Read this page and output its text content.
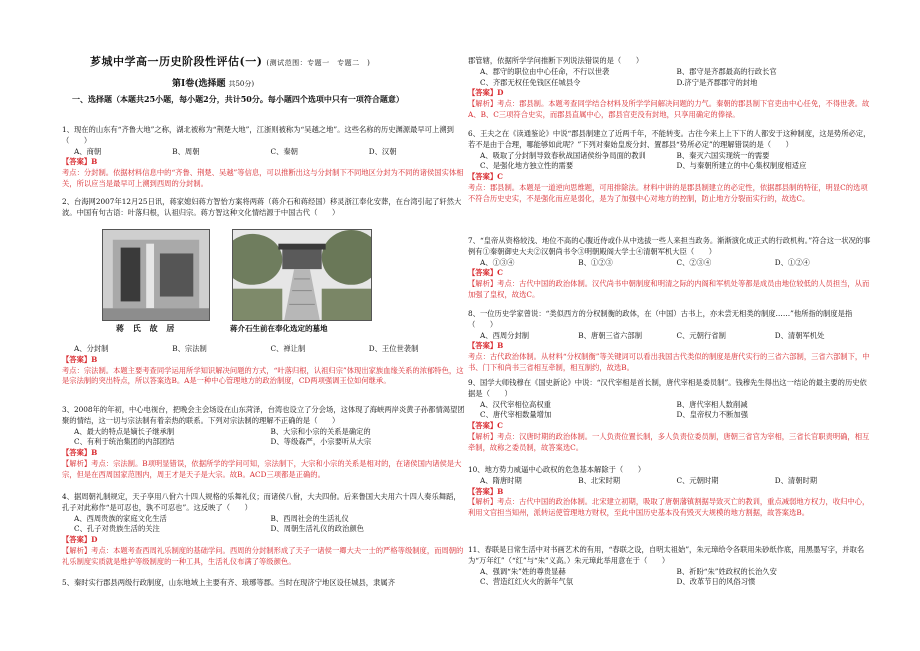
芗城中学高一历史阶段性评估(一) (测试范围：专题一　专题二　)
第Ⅰ卷(选择题 共50分)
一、选择题（本题共25小题，每小题2分，共计50分。每小题四个选项中只有一项符合题意）
1、现在的山东有“齐鲁大地”之称，湖北被称为“荆楚大地”，江浙则被称为“吴越之地”。这些名称的历史渊源最早可上溯到（　　）
A、商朝	B、周朝	C、秦朝	D、汉朝
【答案】B
考点：分封制。依据材料信息中的“齐鲁、荆楚、吴越”等信息，可以推断出这与分封制下不同地区分封为不同的诸侯国实体相关，所以应当是最早可上溯到西周的分封制。
2、台海网2007年12月25日讯，蒋家媳妇蒋方智怡方案将两蒋（蒋介石和蒋经国）移灵浙江奉化安葬，在台湾引起了轩然大波。中国有句古语：叶落归根，认祖归宗。蒋方智这种文化情结源于中国古代（　　）
蒋 氏 故 居	蒋介石生前在奉化选定的墓地
A、分封制	B、宗法制	C、禅让制	D、王位世袭制
【答案】B
考点：宗法制。本题主要考查同学运用所学知识解决问题的方式，“叶落归根，认祖归宗”体现出家族血缘关系的浓郁特色，这是宗法制的突出特点，所以答案选B。A是一种中心管理地方的政治制度，CD两项强调王位如何继承。
3、2008年的年初，中心电视台，把晚会主会场设在山东菏泽，台湾也设立了分会场，这体现了海峡两岸炎黄子孙都情渴望团聚的情结，这一切与宗法制有着亲热的联系。下列对宗法制的理解不正确的是（　　）
A、最大的特点是嫡长子继承制	B、大宗和小宗的关系是确定的
C、有利于统治集团的内部团结	D、等级森严，小宗要听从大宗
【答案】B
【解析】考点：宗法制。B项明显错误，依据所学的学问可知，宗法制下，大宗和小宗的关系是相对的，在诸侯国内诸侯是大宗，但是在西周国家范围内，周王才是天子是大宗。故B。ACD三项都是正确的。
4、据周朝礼制规定，天子享用八佾六十四人规格的乐舞礼仪；而诸侯八佾，大夫四佾。后来鲁国大夫用六十四人奏乐舞蹈，孔子对此称作“是可忍也，孰不可忍也”。这反映了（　　）
A、西周贵族的家庭文化生活	B、西周社会的生活礼仪
C、孔子对贵族生活的关注	D、周朝生活礼仪的政治颜色
【答案】D
【解析】考点：本题考查西周礼乐制度的基础学问。西周的分封制形成了天子一诸侯一卿大夫一士的严格等级制度，而周朝的礼乐制度实质就是维护等级制度的一种工具，生活礼仪布满了等级颜色。
5、秦时实行郡县两级行政制度，山东地域上主要有齐、琅琊等郡。当时在现济宁地区设任城县，隶属齐
郡管辖，依据所学学问推断下列说法错误的是（　　）
A、郡守的职位由中心任命，不行以世袭	B、郡守是齐郡最高的行政长官
C、齐郡无权任免钱区任城县令	D.济宁是齐郡郡守的封地
【答案】D
【解析】考点：郡县制。本题考查同学结合材料及所学学问解决问题的力气。秦朝的郡县制下官吏由中心任免，不得世袭。故A、B、C三项符合史实，而郡县直属中心，郡县官吏没有封地，只享用确定的俸禄。
6、王夫之在《读通鉴论》中说“郡县制建立了近两千年，不能转变。古往今来上上下下的人都安于这种制度，这是势所必定，若不是由于合理，哪能够如此呢？”下列对秦始皇废分封、置郡县“势所必定”的理解错误的是（　　）
A、吸取了分封制导致春秋战国诸侯纷争局面的教训	B、秦灭六国实现统一的需要
C、是强化地方独立性的需要	D、与秦朝所建立的中心集权制度相适应
【答案】C
考点：郡县制。本题是一道逆向思维题，可用排除法。材料中讲的是郡县制建立的必定性，依据郡县制的特征，明显C的选项不符合历史史实，不是强化而应是弱化，是为了加强中心对地方的控制，防止地方分裂而实行的，故选C。
7、“皇帝从资格较浅、地位不高的心腹近侍或仆从中选拔一些人来担当政务。渐渐演化成正式的行政机构。”符合这一状况的事例有①秦朝御史大夫②汉朝尚书令③明朝殿阁大学士④清朝军机大臣（　　）
A、①③④	B、①②③	C、②③④	D、①②④
【答案】C
【解析】考点：古代中国的政治体制。汉代尚书中朝制度和明清之际的内阁和军机处等都是成员由地位较低的人员担当，从而加强了皇权，故选C。
8、一位历史学家曾说：“类似西方的分权制衡的政体，在（中国）古书上，亦未尝无相类的制度……”他所指的制度是指（　　）
A、西周分封制	B、唐朝三省六部制	C、元朝行省制	D、清朝军机处
【答案】B
考点：古代政治体制。从材料“分权制衡”等关键词可以看出我国古代类似的制度是唐代实行的三省六部制，三省六部制下，中书、门下和尚书三省相互牵制，相互制约，故选B。
9、国学大师钱穆在《国史新论》中说：“汉代宰相是首长制，唐代宰相是委员制”。钱穆先生得出这一结论的最主要的历史依据是（　　）
A、汉代宰相位高权重	B、唐代宰相人数削减
C、唐代宰相数量增加	D、皇帝权力不断加强
【答案】C
【解析】考点：汉唐时期的政治体制。一人负责位置长制，多人负责位委员制，唐朝三省官为宰相，三省长官职责明确，相互牵制，故称之委员制，故答案选C。
10、地方势力威逼中心政权的危急基本解除于（　　）
A、隋唐时期	B、北宋时期	C、元朝时期	D、清朝时期
【答案】B
【解析】考点：古代中国的政治体制。北宋建立初期，吸取了唐朝藩镇割据导致灭亡的教训，重点减弱地方权力，收归中心，利用文官担当知州，派转运使管理地方财权，至此中国历史基本没有毁灭大规模的地方割据，故答案选B。
11、春联是日常生活中对书画艺术的有用，“春联之设，自明太祖始”，朱元璋给令各联用朱砂纸作底，用黑墨写字，并取名为“万年红”（“红”与“朱”义高。）朱元璋此举用意在于（　　）
A、强调“朱”姓的尊贵显赫	B、祈盼“朱”姓政权的长治久安
C、营造红红火火的新年气氛	D、改革节日的风俗习惯
